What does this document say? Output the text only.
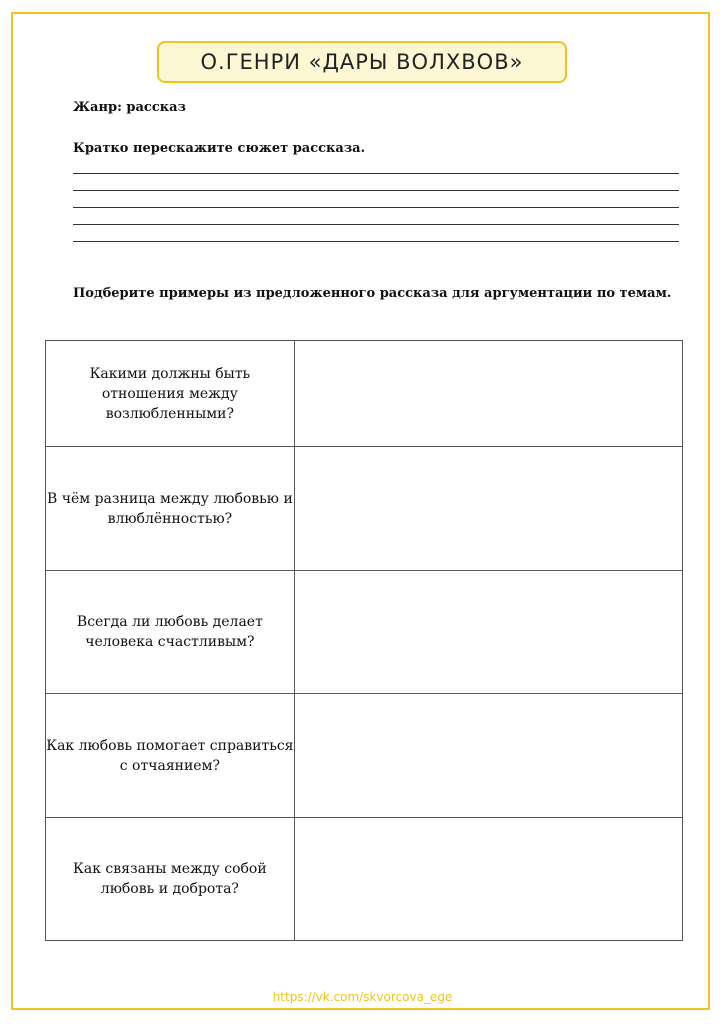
О.ГЕНРИ «ДАРЫ ВОЛХВОВ»
Жанр: рассказ
Кратко перескажите сюжет рассказа.
Подберите примеры из предложенного рассказа для аргументации по темам.
Какими должны быть отношения между возлюбленными?	
В чём разница между любовью и влюблённостью?	
Всегда ли любовь делает человека счастливым?	
Как любовь помогает справиться с отчаянием?	
Как связаны между собой любовь и доброта?	
https://vk.com/skvorcova_ege
